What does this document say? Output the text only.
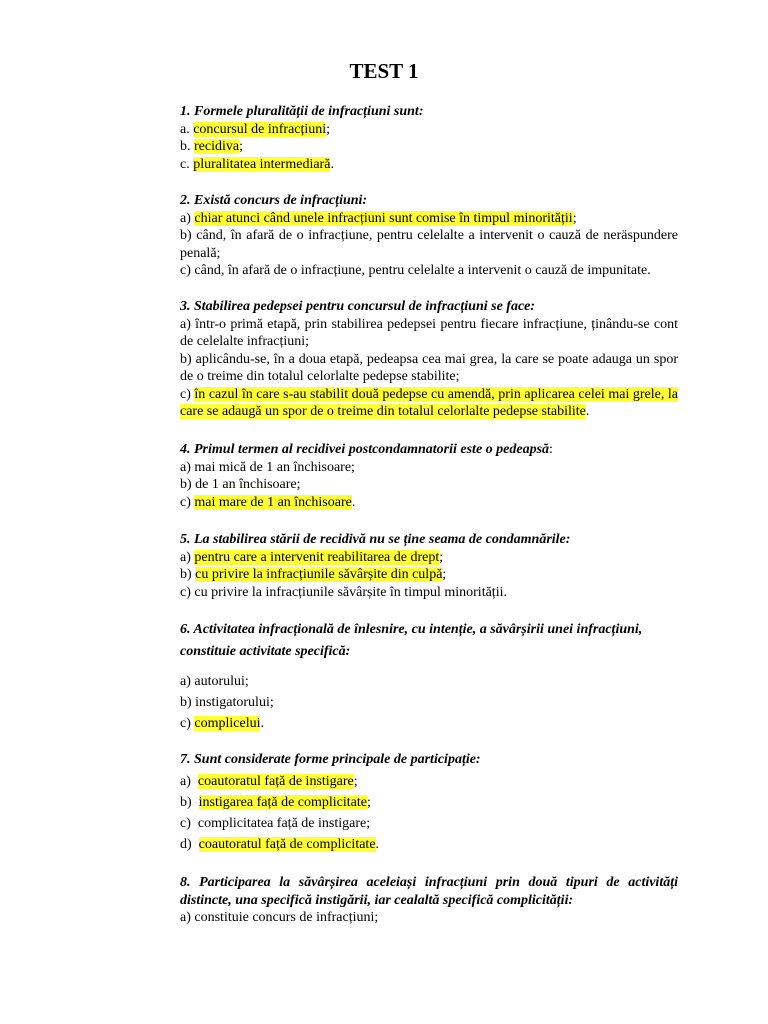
TEST 1
1. Formele pluralității de infracțiuni sunt:
a. concursul de infracțiuni;
b. recidiva;
c. pluralitatea intermediară.
2. Există concurs de infracțiuni:
a) chiar atunci când unele infracțiuni sunt comise în timpul minorității;
b) când, în afară de o infracțiune, pentru celelalte a intervenit o cauză de neräspundere penală;
c) când, în afară de o infracțiune, pentru celelalte a intervenit o cauză de impunitate.
3. Stabilirea pedepsei pentru concursul de infracțiuni se face:
a) într-o primă etapă, prin stabilirea pedepsei pentru fiecare infracțiune, ținându-se cont de celelalte infracțiuni;
b) aplicându-se, în a doua etapă, pedeapsa cea mai grea, la care se poate adauga un spor de o treime din totalul celorlalte pedepse stabilite;
c) în cazul în care s-au stabilit două pedepse cu amendă, prin aplicarea celei mai grele, la care se adaugă un spor de o treime din totalul celorlalte pedepse stabilite.
4. Primul termen al recidivei postcondamnatorii este o pedeapsă:
a) mai mică de 1 an închisoare;
b) de 1 an închisoare;
c) mai mare de 1 an închisoare.
5. La stabilirea stării de recidivă nu se ține seama de condamnările:
a) pentru care a intervenit reabilitarea de drept;
b) cu privire la infracțiunile săvârșite din culpă;
c) cu privire la infracțiunile săvârșite în timpul minorității.
6. Activitatea infracțională de înlesnire, cu intenție, a săvârșirii unei infracțiuni, constituie activitate specifică:
a) autorului;
b) instigatorului;
c) complicelui.
7. Sunt considerate forme principale de participație:
a) coautoratul față de instigare;
b) instigarea față de complicitate;
c) complicitatea față de instigare;
d) coautoratul față de complicitate.
8. Participarea la săvârșirea aceleiași infracțiuni prin două tipuri de activități distincte, una specifică instigării, iar cealaltă specifică complicității:
a) constituie concurs de infracțiuni;
